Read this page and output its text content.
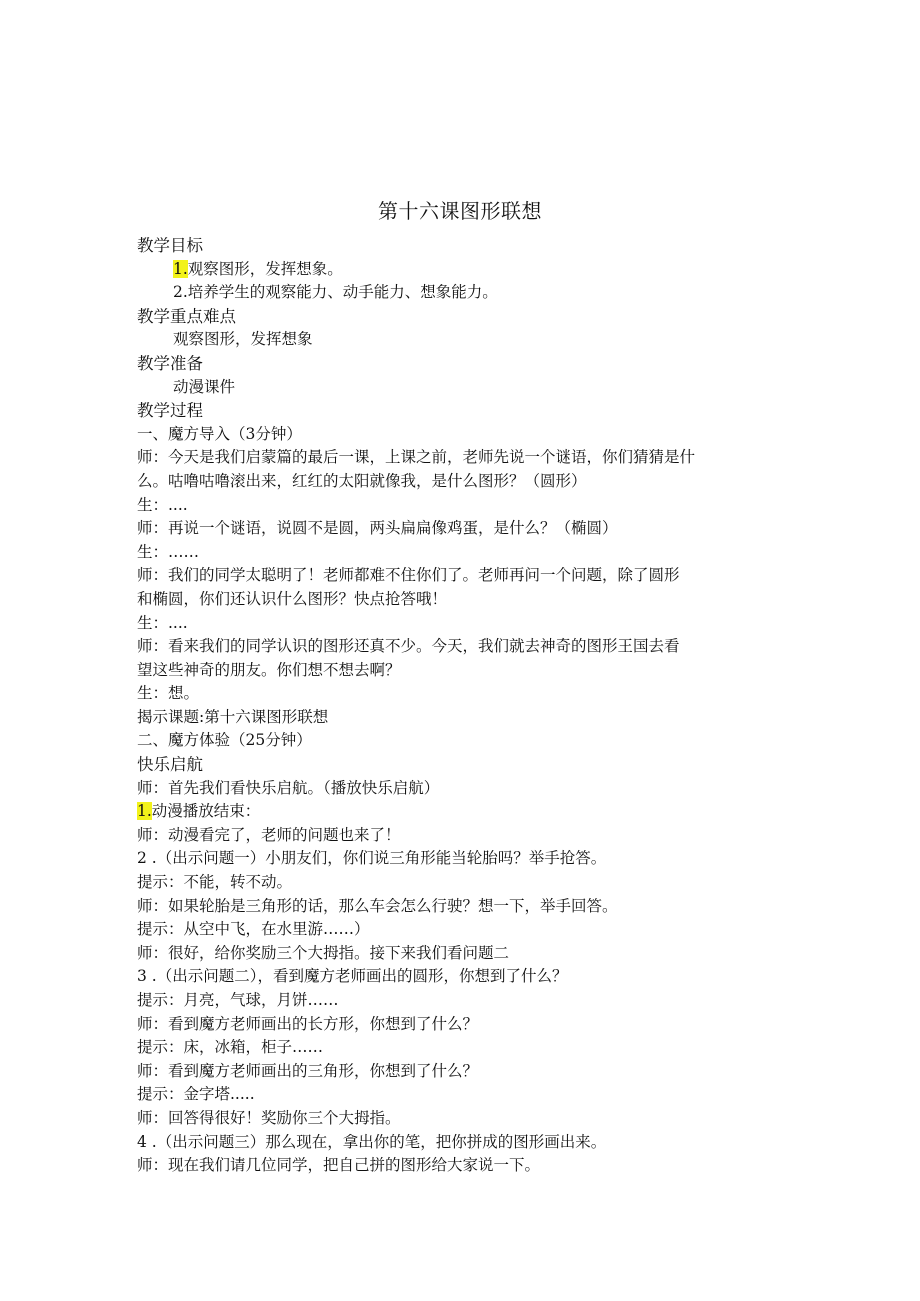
第十六课图形联想
教学目标
1.观察图形，发挥想象。
2.培养学生的观察能力、动手能力、想象能力。
教学重点难点
观察图形，发挥想象
教学准备
动漫课件
教学过程
一、魔方导入（3分钟）
师：今天是我们启蒙篇的最后一课，上课之前，老师先说一个谜语，你们猜猜是什
么。咕噜咕噜滚出来，红红的太阳就像我，是什么图形？（圆形）
生：....
师：再说一个谜语，说圆不是圆，两头扁扁像鸡蛋，是什么？（椭圆）
生：……
师：我们的同学太聪明了！老师都难不住你们了。老师再问一个问题，除了圆形
和椭圆，你们还认识什么图形？快点抢答哦！
生：....
师：看来我们的同学认识的图形还真不少。今天，我们就去神奇的图形王国去看
望这些神奇的朋友。你们想不想去啊？
生：想。
揭示课题:第十六课图形联想
二、魔方体验（25分钟）
快乐启航
师：首先我们看快乐启航。（播放快乐启航）
1.动漫播放结束：
师：动漫看完了，老师的问题也来了！
2 .（出示问题一）小朋友们，你们说三角形能当轮胎吗？举手抢答。
提示：不能，转不动。
师：如果轮胎是三角形的话，那么车会怎么行驶？想一下，举手回答。
提示：从空中飞，在水里游……）
师：很好，给你奖励三个大拇指。接下来我们看问题二
3 .（出示问题二），看到魔方老师画出的圆形，你想到了什么？
提示：月亮，气球，月饼……
师：看到魔方老师画出的长方形，你想到了什么？
提示：床，冰箱，柜子……
师：看到魔方老师画出的三角形，你想到了什么？
提示：金字塔.....
师：回答得很好！奖励你三个大拇指。
4 .（出示问题三）那么现在，拿出你的笔，把你拼成的图形画出来。
师：现在我们请几位同学，把自己拼的图形给大家说一下。
